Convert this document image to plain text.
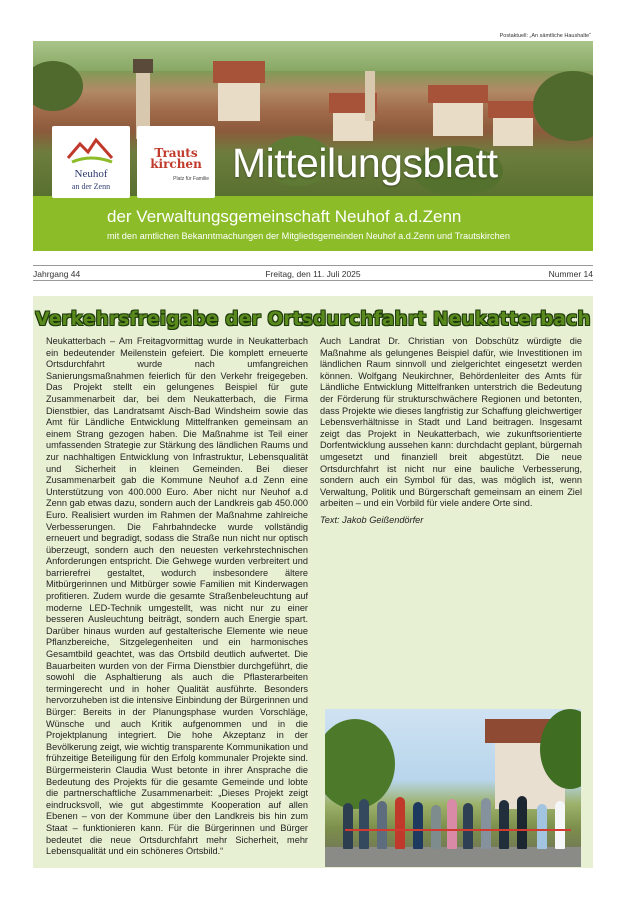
Postaktuell: „An sämtliche Haushalte“
Neuhof
an der Zenn
Trauts kirchen
Platz für Familie Mitteilungsblatt
der Verwaltungsgemeinschaft Neuhof a.d.Zenn
mit den amtlichen Bekanntmachungen der Mitgliedsgemeinden Neuhof a.d.Zenn und Trautskirchen
Jahrgang 44	Freitag, den 11. Juli 2025	Nummer 14
Verkehrsfreigabe der Ortsdurchfahrt Neukatterbach

Neukatterbach – Am Freitagvormittag wurde in Neukatterbach ein bedeutender Meilenstein gefeiert. Die komplett erneuerte Ortsdurchfahrt wurde nach umfangreichen Sanierungsmaßnahmen feierlich für den Verkehr freigegeben. Das Projekt stellt ein gelungenes Beispiel für gute Zusammenarbeit dar, bei dem Neukatterbach, die Firma Dienstbier, das Landratsamt Aisch-Bad Windsheim sowie das Amt für Ländliche Entwicklung Mittelfranken gemeinsam an einem Strang gezogen haben. Die Maßnahme ist Teil einer umfassenden Strategie zur Stärkung des ländlichen Raums und zur nachhaltigen Entwicklung von Infrastruktur, Lebensqualität und Sicherheit in kleinen Gemeinden. Bei dieser Zusammenarbeit gab die Kommune Neuhof a.d Zenn eine Unterstützung von 400.000 Euro. Aber nicht nur Neuhof a.d Zenn gab etwas dazu, sondern auch der Landkreis gab 450.000 Euro. Realisiert wurden im Rahmen der Maßnahme zahlreiche Verbesserungen. Die Fahrbahndecke wurde vollständig erneuert und begradigt, sodass die Straße nun nicht nur optisch überzeugt, sondern auch den neuesten verkehrstechnischen Anforderungen entspricht. Die Gehwege wurden verbreitert und barrierefrei gestaltet, wodurch insbesondere ältere Mitbürgerinnen und Mitbürger sowie Familien mit Kinderwagen profitieren. Zudem wurde die gesamte Straßenbeleuchtung auf moderne LED-Technik umgestellt, was nicht nur zu einer besseren Ausleuchtung beiträgt, sondern auch Energie spart. Darüber hinaus wurden auf gestalterische Elemente wie neue Pflanzbereiche, Sitzgelegenheiten und ein harmonisches Gesamtbild geachtet, was das Ortsbild deutlich aufwertet. Die Bauarbeiten wurden von der Firma Dienstbier durchgeführt, die sowohl die Asphaltierung als auch die Pflasterarbeiten termingerecht und in hoher Qualität ausführte. Besonders hervorzuheben ist die intensive Einbindung der Bürgerinnen und Bürger: Bereits in der Planungsphase wurden Vorschläge, Wünsche und auch Kritik aufgenommen und in die Projektplanung integriert. Die hohe Akzeptanz in der Bevölkerung zeigt, wie wichtig transparente Kommunikation und frühzeitige Beteiligung für den Erfolg kommunaler Projekte sind. Bürgermeisterin Claudia Wust betonte in ihrer Ansprache die Bedeutung des Projekts für die gesamte Gemeinde und lobte die partnerschaftliche Zusammenarbeit: „Dieses Projekt zeigt eindrucksvoll, wie gut abgestimmte Kooperation auf allen Ebenen – von der Kommune über den Landkreis bis hin zum Staat – funktionieren kann. Für die Bürgerinnen und Bürger bedeutet die neue Ortsdurchfahrt mehr Sicherheit, mehr Lebensqualität und ein schöneres Ortsbild.“

Auch Landrat Dr. Christian von Dobschütz würdigte die Maßnahme als gelungenes Beispiel dafür, wie Investitionen im ländlichen Raum sinnvoll und zielgerichtet eingesetzt werden können. Wolfgang Neukirchner, Behördenleiter des Amts für Ländliche Entwicklung Mittelfranken unterstrich die Bedeutung der Förderung für strukturschwächere Regionen und betonten, dass Projekte wie dieses langfristig zur Schaffung gleichwertiger Lebensverhältnisse in Stadt und Land beitragen. Insgesamt zeigt das Projekt in Neukatterbach, wie zukunftsorientierte Dorfentwicklung aussehen kann: durchdacht geplant, bürgernah umgesetzt und finanziell breit abgestützt. Die neue Ortsdurchfahrt ist nicht nur eine bauliche Verbesserung, sondern auch ein Symbol für das, was möglich ist, wenn Verwaltung, Politik und Bürgerschaft gemeinsam an einem Ziel arbeiten – und ein Vorbild für viele andere Orte sind.

Text: Jakob Geißendörfer
